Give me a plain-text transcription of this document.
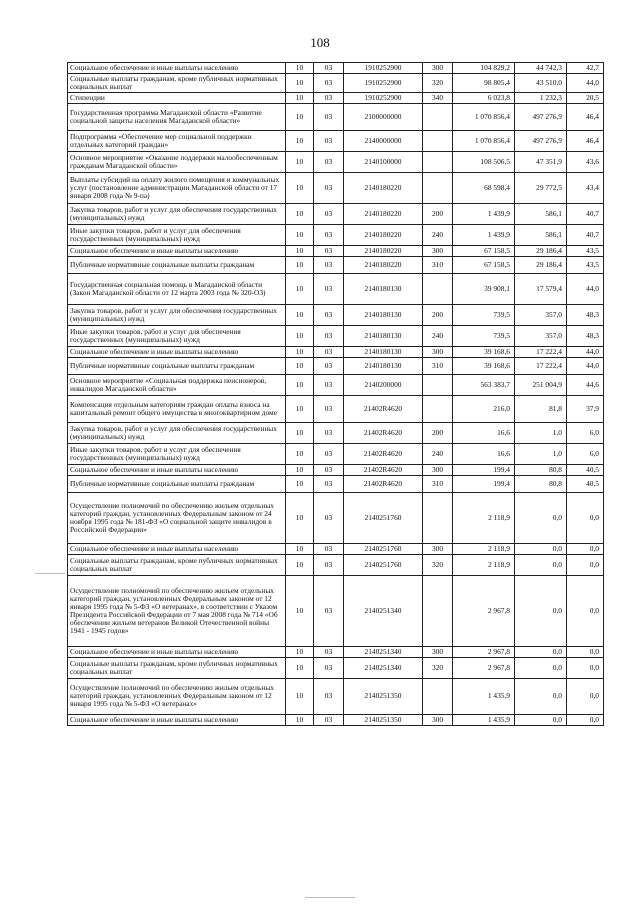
108
Социальное обеспечение и иные выплаты населению	10	03	1910252900	300	104 829,2	44 742,3	42,7
Социальные выплаты гражданам, кроме публичных нормативных социальных выплат	10	03	1910252900	320	98 805,4	43 510,0	44,0
Стипендии	10	03	1910252900	340	6 023,8	1 232,3	20,5
Государственная программа Магаданской области «Развитие социальной защиты населения Магаданской области»	10	03	2100000000		1 070 856,4	497 276,9	46,4
Подпрограмма «Обеспечение мер социальной поддержки отдельных категорий граждан»	10	03	2140000000		1 070 856,4	497 276,9	46,4
Основное мероприятие «Оказание поддержки малообеспеченным гражданам Магаданской области»	10	03	2140100000		108 506,5	47 351,9	43,6
Выплаты субсидий на оплату жилого помещения и коммунальных услуг (постановление администрации Магаданской области от 17 января 2008 года № 9-па)	10	03	2140180220		68 598,4	29 772,5	43,4
Закупка товаров, работ и услуг для обеспечения государственных (муниципальных) нужд	10	03	2140180220	200	1 439,9	586,1	40,7
Иные закупки товаров, работ и услуг для обеспечения государственных (муниципальных) нужд	10	03	2140180220	240	1 439,9	586,1	40,7
Социальное обеспечение и иные выплаты населению	10	03	2140180220	300	67 158,5	29 186,4	43,5
Публичные нормативные социальные выплаты гражданам	10	03	2140180220	310	67 158,5	29 186,4	43,5
Государственная социальная помощь в Магаданской области (Закон Магаданской области от 12 марта 2003 года № 320-ОЗ)	10	03	2140180130		39 908,1	17 579,4	44,0
Закупка товаров, работ и услуг для обеспечения государственных (муниципальных) нужд	10	03	2140180130	200	739,5	357,0	48,3
Иные закупки товаров, работ и услуг для обеспечения государственных (муниципальных) нужд	10	03	2140180130	240	739,5	357,0	48,3
Социальное обеспечение и иные выплаты населению	10	03	2140180130	300	39 168,6	17 222,4	44,0
Публичные нормативные социальные выплаты гражданам	10	03	2140180130	310	39 168,6	17 222,4	44,0
Основное мероприятие «Социальная поддержка пенсионеров, инвалидов Магаданской области»	10	03	2140200000		563 383,7	251 004,9	44,6
Компенсация отдельным категориям граждан оплаты взноса на капитальный ремонт общего имущества в многоквартирном доме	10	03	21402R4620		216,0	81,8	37,9
Закупка товаров, работ и услуг для обеспечения государственных (муниципальных) нужд	10	03	21402R4620	200	16,6	1,0	6,0
Иные закупки товаров, работ и услуг для обеспечения государственных (муниципальных) нужд	10	03	21402R4620	240	16,6	1,0	6,0
Социальное обеспечение и иные выплаты населению	10	03	21402R4620	300	199,4	80,8	40,5
Публичные нормативные социальные выплаты гражданам	10	03	21402R4620	310	199,4	80,8	40,5
Осуществление полномочий по обеспечению жильем отдельных категорий граждан, установленных Федеральным законом от 24 ноября 1995 года № 181-ФЗ «О социальной защите инвалидов в Российской Федерации»	10	03	2140251760		2 118,9	0,0	0,0
Социальное обеспечение и иные выплаты населению	10	03	2140251760	300	2 118,9	0,0	0,0
Социальные выплаты гражданам, кроме публичных нормативных социальных выплат	10	03	2140251760	320	2 118,9	0,0	0,0
Осуществление полномочий по обеспечению жильем отдельных категорий граждан, установленных Федеральным законом от 12 января 1995 года № 5-ФЗ «О ветеранах», в соответствии с Указом Президента Российской Федерации от 7 мая 2008 года № 714 «Об обеспечении жильем ветеранов Великой Отечественной войны 1941 - 1945 годов»	10	03	2140251340		2 967,8	0,0	0,0
Социальное обеспечение и иные выплаты населению	10	03	2140251340	300	2 967,8	0,0	0,0
Социальные выплаты гражданам, кроме публичных нормативных социальных выплат	10	03	2140251340	320	2 967,8	0,0	0,0
Осуществление полномочий по обеспечению жильем отдельных категорий граждан, установленных Федеральным законом от 12 января 1995 года № 5-ФЗ «О ветеранах»	10	03	2140251350		1 435,9	0,0	0,0
Социальное обеспечение и иные выплаты населению	10	03	2140251350	300	1 435,9	0,0	0,0
